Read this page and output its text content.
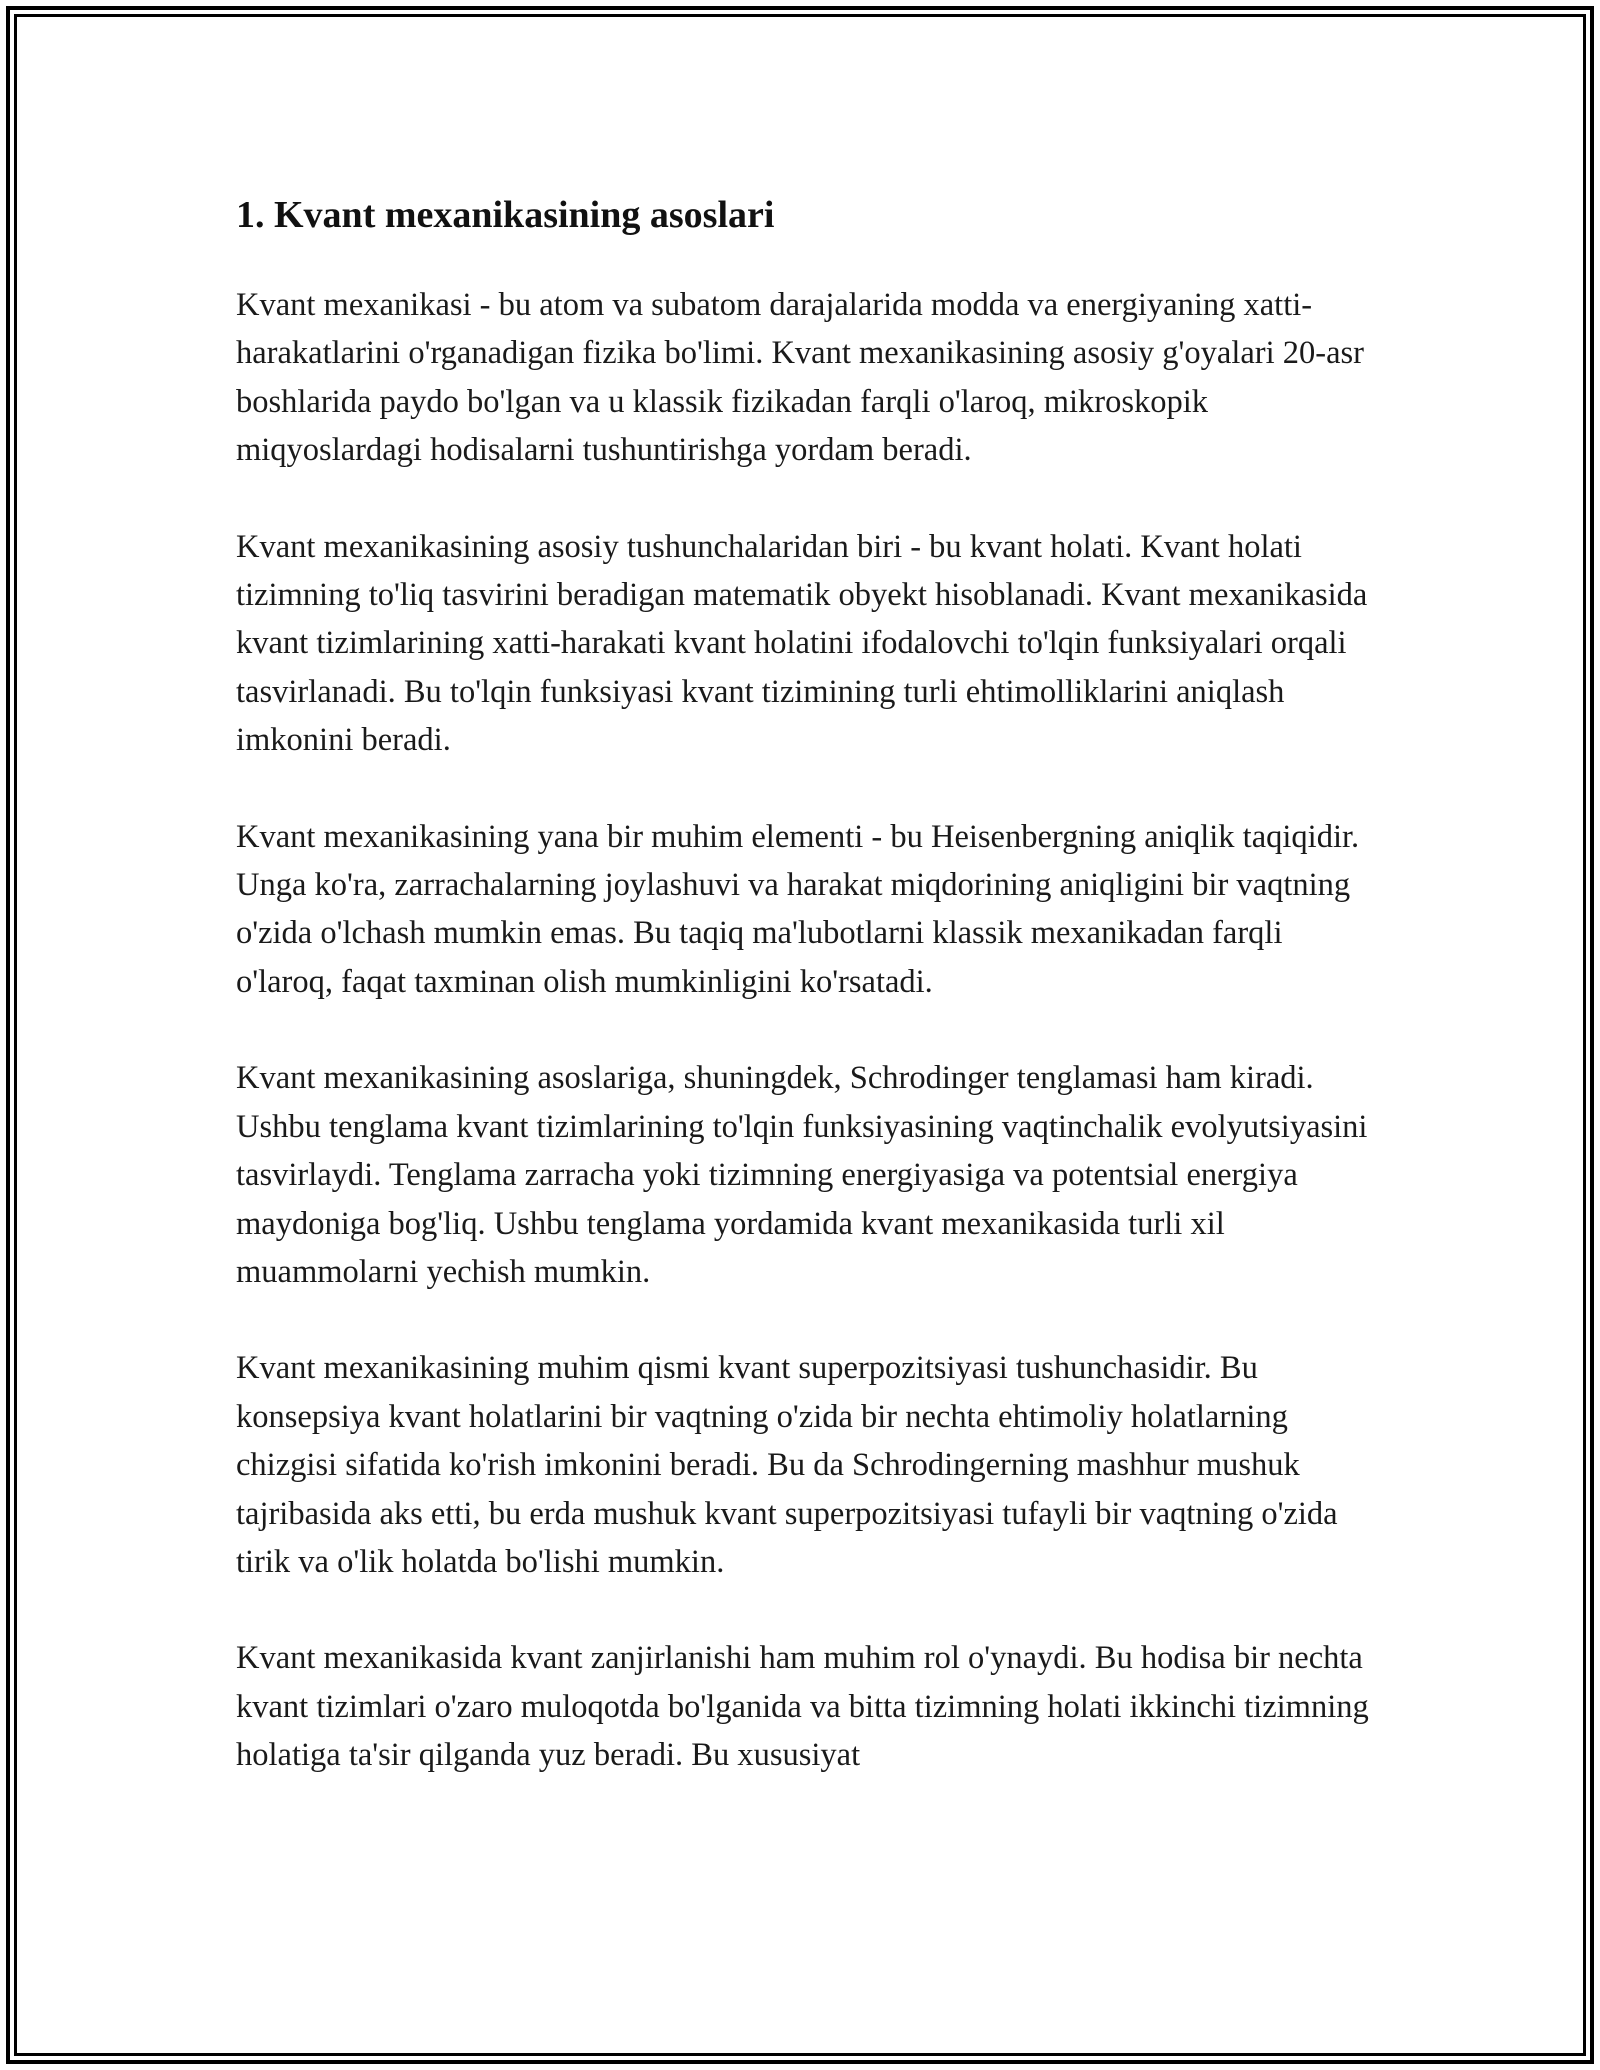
1. Kvant mexanikasining asoslari

Kvant mexanikasi - bu atom va subatom darajalarida modda va energiyaning xatti-harakatlarini o'rganadigan fizika bo'limi. Kvant mexanikasining asosiy g'oyalari 20-asr boshlarida paydo bo'lgan va u klassik fizikadan farqli o'laroq, mikroskopik miqyoslardagi hodisalarni tushuntirishga yordam beradi.

Kvant mexanikasining asosiy tushunchalaridan biri - bu kvant holati. Kvant holati tizimning to'liq tasvirini beradigan matematik obyekt hisoblanadi. Kvant mexanikasida kvant tizimlarining xatti-harakati kvant holatini ifodalovchi to'lqin funksiyalari orqali tasvirlanadi. Bu to'lqin funksiyasi kvant tizimining turli ehtimolliklarini aniqlash imkonini beradi.

Kvant mexanikasining yana bir muhim elementi - bu Heisenbergning aniqlik taqiqidir. Unga ko'ra, zarrachalarning joylashuvi va harakat miqdorining aniqligini bir vaqtning o'zida o'lchash mumkin emas. Bu taqiq ma'lubotlarni klassik mexanikadan farqli o'laroq, faqat taxminan olish mumkinligini ko'rsatadi.

Kvant mexanikasining asoslariga, shuningdek, Schrodinger tenglamasi ham kiradi. Ushbu tenglama kvant tizimlarining to'lqin funksiyasining vaqtinchalik evolyutsiyasini tasvirlaydi. Tenglama zarracha yoki tizimning energiyasiga va potentsial energiya maydoniga bog'liq. Ushbu tenglama yordamida kvant mexanikasida turli xil muammolarni yechish mumkin.

Kvant mexanikasining muhim qismi kvant superpozitsiyasi tushunchasidir. Bu konsepsiya kvant holatlarini bir vaqtning o'zida bir nechta ehtimoliy holatlarning chizgisi sifatida ko'rish imkonini beradi. Bu da Schrodingerning mashhur mushuk tajribasida aks etti, bu erda mushuk kvant superpozitsiyasi tufayli bir vaqtning o'zida tirik va o'lik holatda bo'lishi mumkin.

Kvant mexanikasida kvant zanjirlanishi ham muhim rol o'ynaydi. Bu hodisa bir nechta kvant tizimlari o'zaro muloqotda bo'lganida va bitta tizimning holati ikkinchi tizimning holatiga ta'sir qilganda yuz beradi. Bu xususiyat
